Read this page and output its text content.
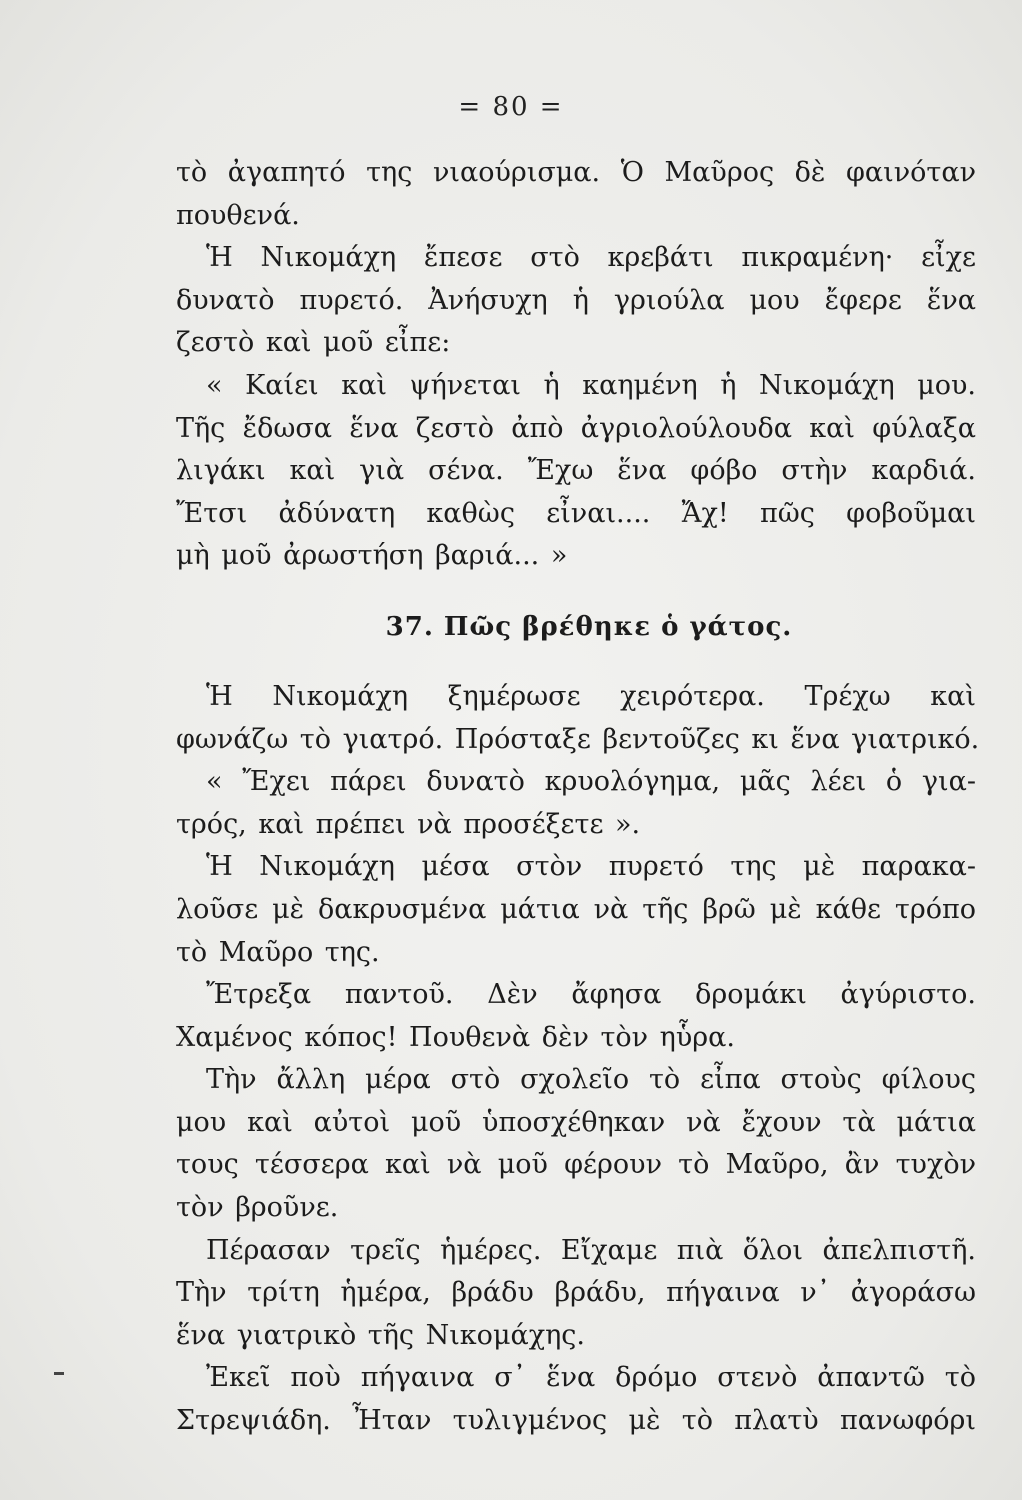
= 80 =
τὸ ἀγαπητό της νιαούρισμα. Ὁ Μαῦρος δὲ φαινόταν
πουθενά.
Ἡ Νικομάχη ἔπεσε στὸ κρεβάτι πικραμένη· εἶχε
δυνατὸ πυρετό. Ἀνήσυχη ἡ γριούλα μου ἔφερε ἕνα
ζεστὸ καὶ μοῦ εἶπε:
« Καίει καὶ ψήνεται ἡ καημένη ἡ Νικομάχη μου.
Τῆς ἔδωσα ἕνα ζεστὸ ἀπὸ ἀγριολούλουδα καὶ φύλαξα
λιγάκι καὶ γιὰ σένα. Ἔχω ἕνα φόβο στὴν καρδιά.
Ἔτσι ἀδύνατη καθὼς εἶναι.... Ἄχ! πῶς φοβοῦμαι
μὴ μοῦ ἀρωστήση βαριά... »
37. Πῶς βρέθηκε ὁ γάτος.
Ἡ Νικομάχη ξημέρωσε χειρότερα. Τρέχω καὶ
φωνάζω τὸ γιατρό. Πρόσταξε βεντοῦζες κι ἕνα γιατρικό.
« Ἔχει πάρει δυνατὸ κρυολόγημα, μᾶς λέει ὁ για-
τρός, καὶ πρέπει νὰ προσέξετε ».
Ἡ Νικομάχη μέσα στὸν πυρετό της μὲ παρακα-
λοῦσε μὲ δακρυσμένα μάτια νὰ τῆς βρῶ μὲ κάθε τρόπο
τὸ Μαῦρο της.
Ἔτρεξα παντοῦ. Δὲν ἄφησα δρομάκι ἀγύριστο.
Χαμένος κόπος! Πουθενὰ δὲν τὸν ηὗρα.
Τὴν ἄλλη μέρα στὸ σχολεῖο τὸ εἶπα στοὺς φίλους
μου καὶ αὐτοὶ μοῦ ὑποσχέθηκαν νὰ ἔχουν τὰ μάτια
τους τέσσερα καὶ νὰ μοῦ φέρουν τὸ Μαῦρο, ἂν τυχὸν
τὸν βροῦνε.
Πέρασαν τρεῖς ἡμέρες. Εἴχαμε πιὰ ὅλοι ἀπελπιστῆ.
Τὴν τρίτη ἡμέρα, βράδυ βράδυ, πήγαινα ν᾽ ἀγοράσω
ἕνα γιατρικὸ τῆς Νικομάχης.
Ἐκεῖ ποὺ πήγαινα σ᾽ ἕνα δρόμο στενὸ ἀπαντῶ τὸ
Στρεψιάδη. Ἦταν τυλιγμένος μὲ τὸ πλατὺ πανωφόρι
